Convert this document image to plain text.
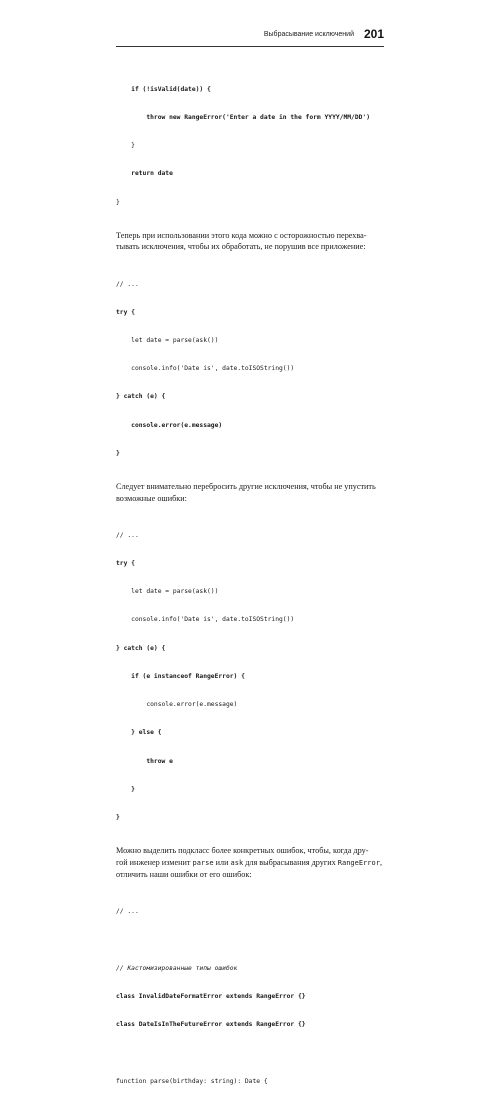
Выбрасывание исключений 201

if (!isValid(date)) {

throw new RangeError('Enter a date in the form YYYY/MM/DD')

}

return date

}

Теперь при использовании этого кода можно с осторожностью перехва-
тывать исключения, чтобы их обработать, не порушив все приложение:

// ...

try {

let date = parse(ask())

console.info('Date is', date.toISOString())

} catch (e) {

console.error(e.message)

}

Следует внимательно перебросить другие исключения, чтобы не упустить
возможные ошибки:

// ...

try {

let date = parse(ask())

console.info('Date is', date.toISOString())

} catch (e) {

if (e instanceof RangeError) {

console.error(e.message)

} else {

throw e

}

}

Можно выделить подкласс более конкретных ошибок, чтобы, когда дру-
гой инженер изменит parse или ask для выбрасывания других RangeError,
отличить наши ошибки от его ошибок:

// ...

// Кастомизированные типы ошибок

class InvalidDateFormatError extends RangeError {}

class DateIsInTheFutureError extends RangeError {}

function parse(birthday: string): Date {
